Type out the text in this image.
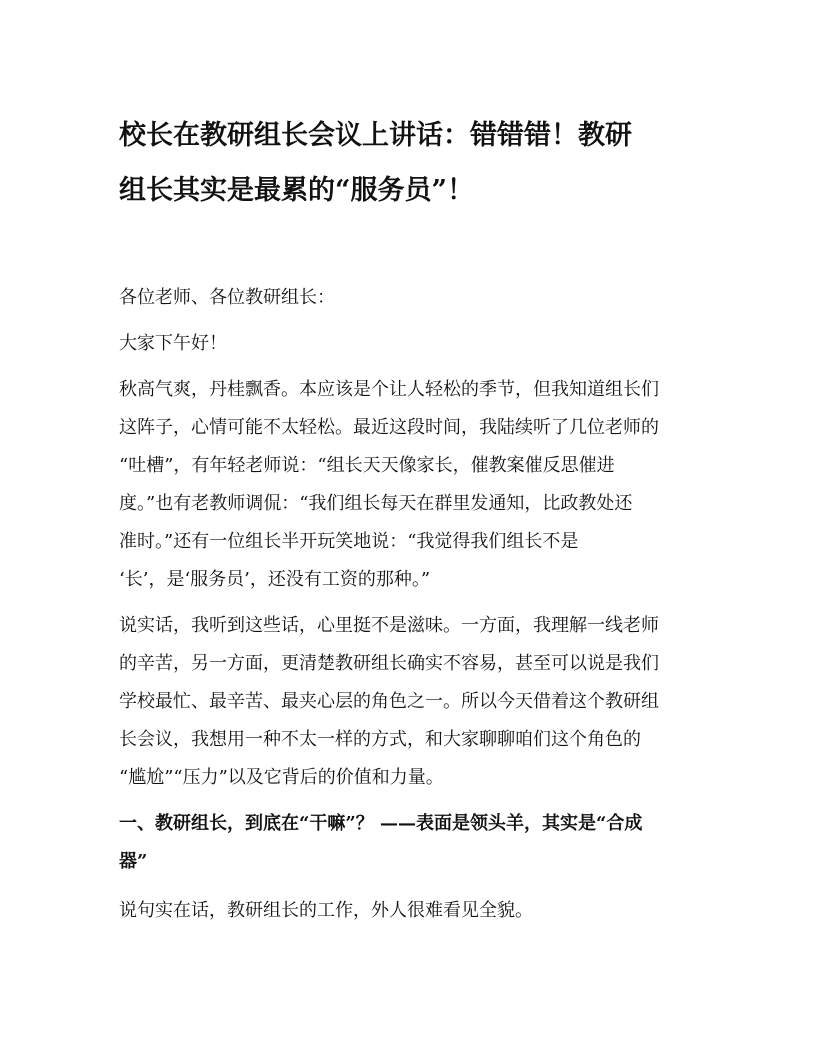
校长在教研组长会议上讲话：错错错！教研
组长其实是最累的“服务员”！
各位老师、各位教研组长：
大家下午好！
秋高气爽，丹桂飘香。本应该是个让人轻松的季节，但我知道组长们
这阵子，心情可能不太轻松。最近这段时间，我陆续听了几位老师的
“吐槽”，有年轻老师说：“组长天天像家长，催教案催反思催进
度。”也有老教师调侃：“我们组长每天在群里发通知，比政教处还
准时。”还有一位组长半开玩笑地说：“我觉得我们组长不是
‘长’，是‘服务员’，还没有工资的那种。”
说实话，我听到这些话，心里挺不是滋味。一方面，我理解一线老师
的辛苦，另一方面，更清楚教研组长确实不容易，甚至可以说是我们
学校最忙、最辛苦、最夹心层的角色之一。所以今天借着这个教研组
长会议，我想用一种不太一样的方式，和大家聊聊咱们这个角色的
“尴尬”“压力”以及它背后的价值和力量。
一、教研组长，到底在“干嘛”？ ——表面是领头羊，其实是“合成
器”
说句实在话，教研组长的工作，外人很难看见全貌。
